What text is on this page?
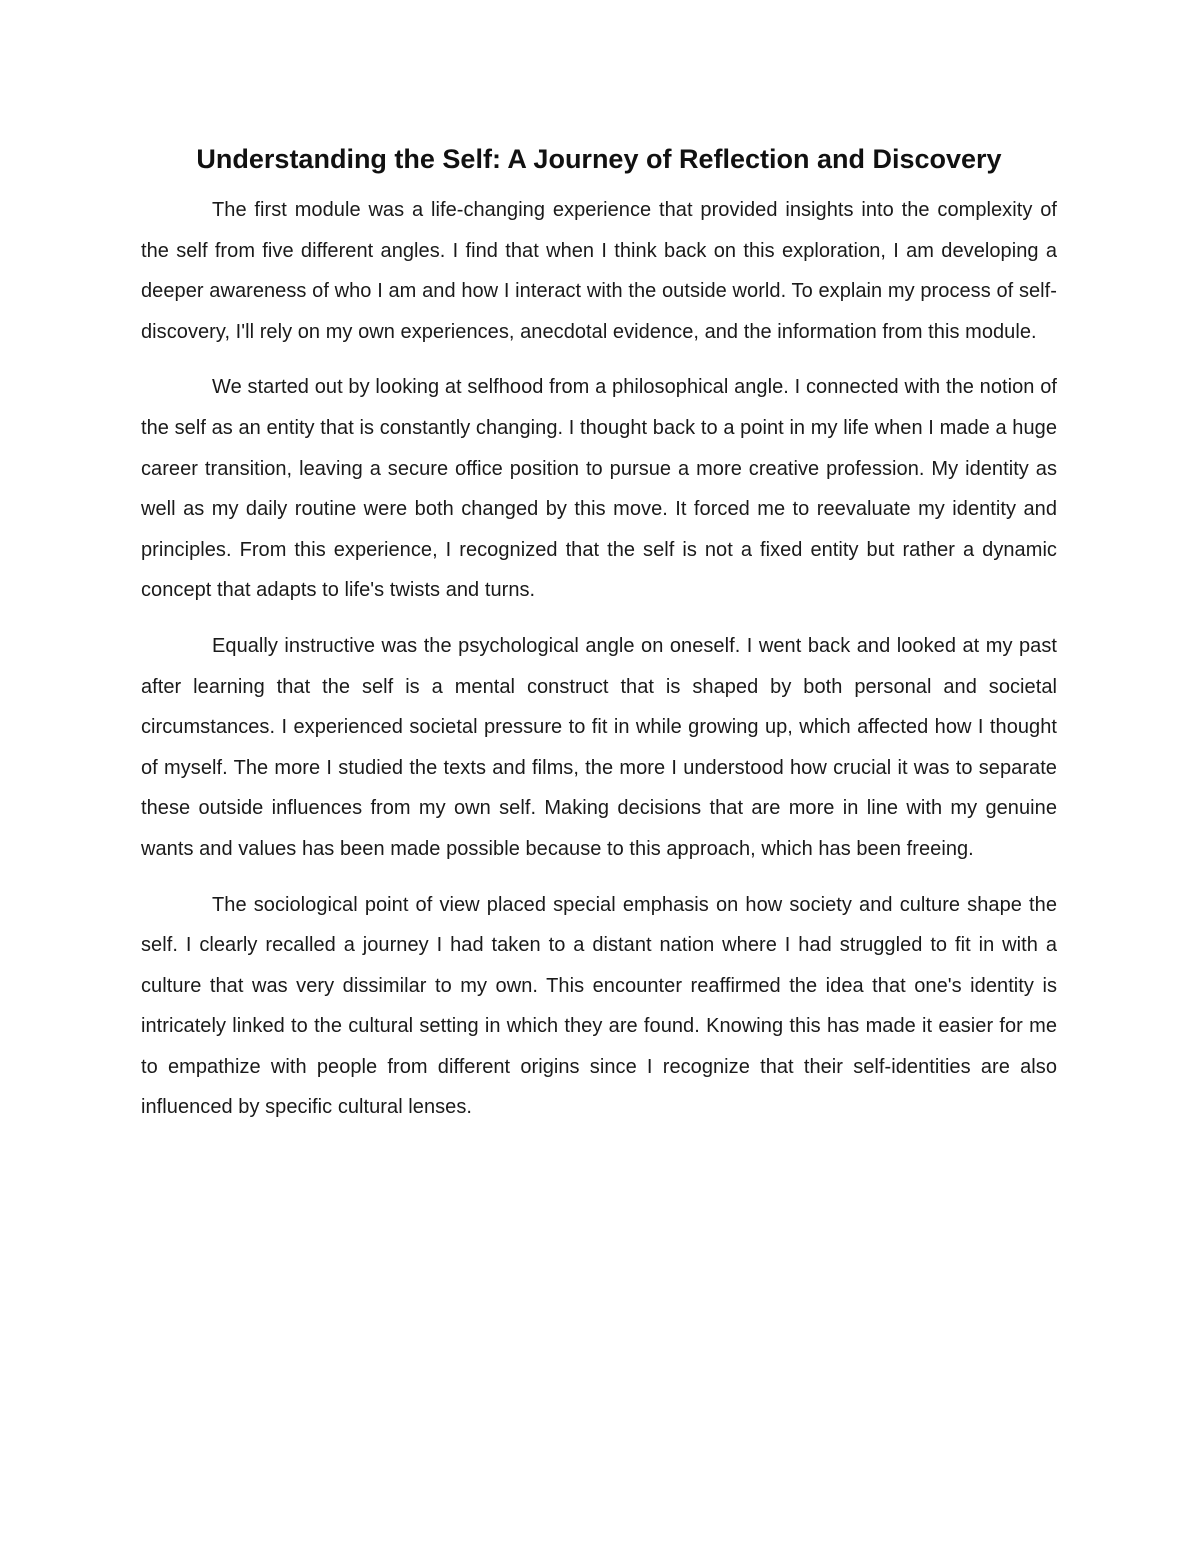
Understanding the Self: A Journey of Reflection and Discovery

The first module was a life-changing experience that provided insights into the complexity of the self from five different angles. I find that when I think back on this exploration, I am developing a deeper awareness of who I am and how I interact with the outside world. To explain my process of self-discovery, I'll rely on my own experiences, anecdotal evidence, and the information from this module.

We started out by looking at selfhood from a philosophical angle. I connected with the notion of the self as an entity that is constantly changing. I thought back to a point in my life when I made a huge career transition, leaving a secure office position to pursue a more creative profession. My identity as well as my daily routine were both changed by this move. It forced me to reevaluate my identity and principles. From this experience, I recognized that the self is not a fixed entity but rather a dynamic concept that adapts to life's twists and turns.

Equally instructive was the psychological angle on oneself. I went back and looked at my past after learning that the self is a mental construct that is shaped by both personal and societal circumstances. I experienced societal pressure to fit in while growing up, which affected how I thought of myself. The more I studied the texts and films, the more I understood how crucial it was to separate these outside influences from my own self. Making decisions that are more in line with my genuine wants and values has been made possible because to this approach, which has been freeing.

The sociological point of view placed special emphasis on how society and culture shape the self. I clearly recalled a journey I had taken to a distant nation where I had struggled to fit in with a culture that was very dissimilar to my own. This encounter reaffirmed the idea that one's identity is intricately linked to the cultural setting in which they are found. Knowing this has made it easier for me to empathize with people from different origins since I recognize that their self-identities are also influenced by specific cultural lenses.
